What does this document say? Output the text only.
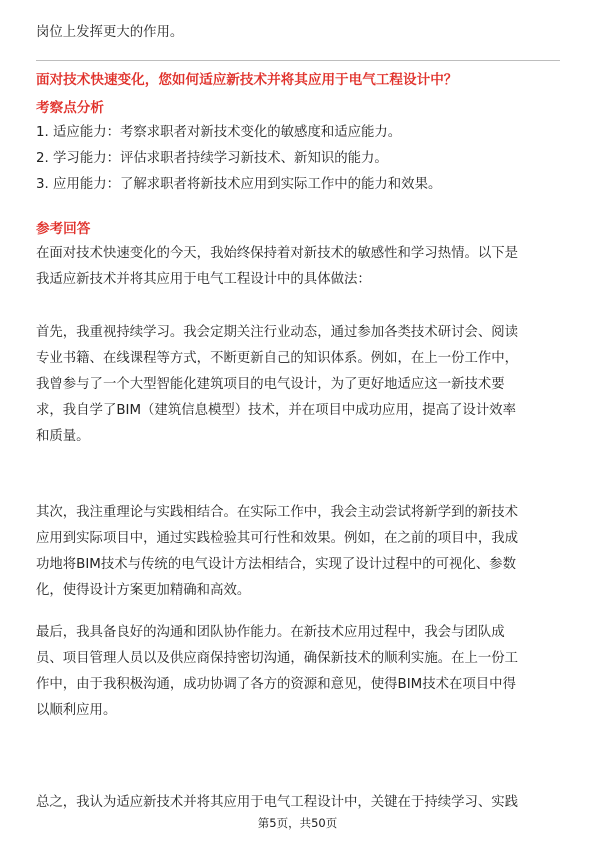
岗位上发挥更大的作用。
面对技术快速变化，您如何适应新技术并将其应用于电气工程设计中？
考察点分析
1. 适应能力：考察求职者对新技术变化的敏感度和适应能力。
2. 学习能力：评估求职者持续学习新技术、新知识的能力。
3. 应用能力：了解求职者将新技术应用到实际工作中的能力和效果。
参考回答
在面对技术快速变化的今天，我始终保持着对新技术的敏感性和学习热情。以下是
我适应新技术并将其应用于电气工程设计中的具体做法：
首先，我重视持续学习。我会定期关注行业动态，通过参加各类技术研讨会、阅读
专业书籍、在线课程等方式，不断更新自己的知识体系。例如，在上一份工作中，
我曾参与了一个大型智能化建筑项目的电气设计，为了更好地适应这一新技术要
求，我自学了BIM（建筑信息模型）技术，并在项目中成功应用，提高了设计效率
和质量。
其次，我注重理论与实践相结合。在实际工作中，我会主动尝试将新学到的新技术
应用到实际项目中，通过实践检验其可行性和效果。例如，在之前的项目中，我成
功地将BIM技术与传统的电气设计方法相结合，实现了设计过程中的可视化、参数
化，使得设计方案更加精确和高效。
最后，我具备良好的沟通和团队协作能力。在新技术应用过程中，我会与团队成
员、项目管理人员以及供应商保持密切沟通，确保新技术的顺利实施。在上一份工
作中，由于我积极沟通，成功协调了各方的资源和意见，使得BIM技术在项目中得
以顺利应用。
总之，我认为适应新技术并将其应用于电气工程设计中，关键在于持续学习、实践
第5页，共50页
